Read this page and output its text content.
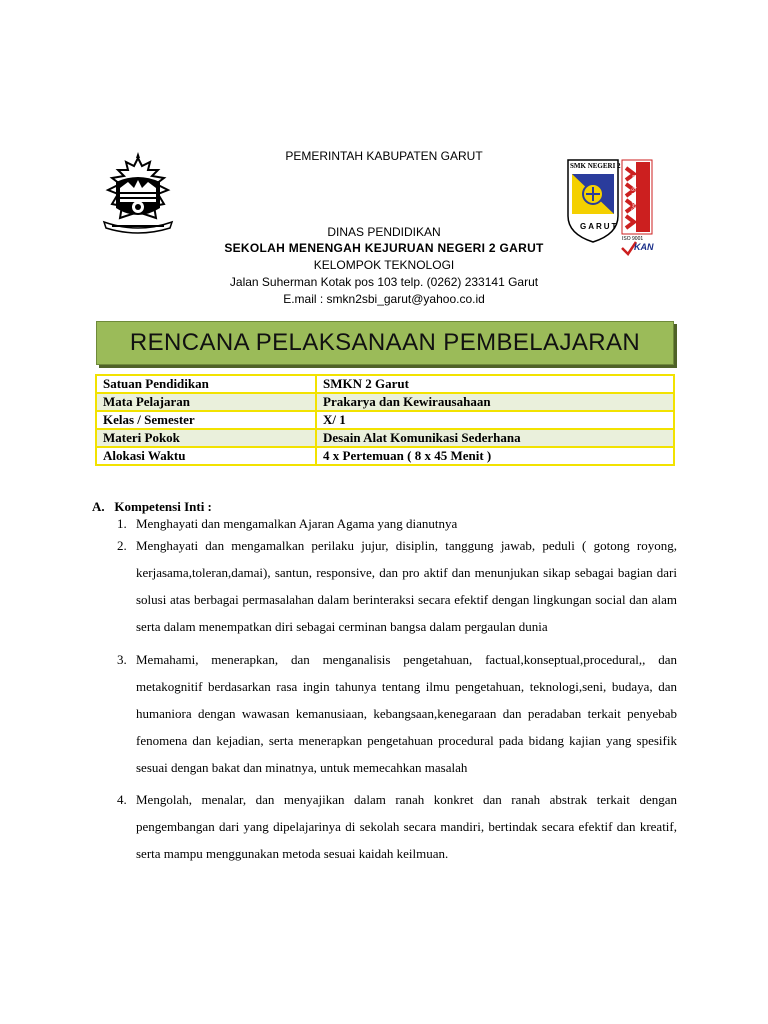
SMK NEGERI 2
GARUT
ISO 9001
Certified System
KAN
PEMERINTAH KABUPATEN GARUT
DINAS PENDIDIKAN
SEKOLAH MENENGAH KEJURUAN NEGERI 2 GARUT
KELOMPOK TEKNOLOGI
Jalan Suherman Kotak pos 103 telp. (0262) 233141 Garut
E.mail : smkn2sbi_garut@yahoo.co.id
RENCANA PELAKSANAAN PEMBELAJARAN
Satuan Pendidikan	SMKN 2 Garut
Mata Pelajaran	Prakarya dan Kewirausahaan
Kelas / Semester	X/ 1
Materi Pokok	Desain Alat Komunikasi Sederhana
Alokasi Waktu	4 x Pertemuan ( 8 x 45 Menit )
A.   Kompetensi Inti :
1. Menghayati dan mengamalkan Ajaran Agama yang dianutnya
2. Menghayati dan mengamalkan perilaku jujur, disiplin, tanggung jawab, peduli ( gotong royong, kerjasama,toleran,damai), santun, responsive, dan pro aktif dan menunjukan sikap sebagai bagian dari solusi atas berbagai permasalahan dalam berinteraksi secara efektif dengan lingkungan social dan alam serta dalam menempatkan diri sebagai cerminan bangsa dalam pergaulan dunia
3. Memahami, menerapkan, dan menganalisis pengetahuan, factual,konseptual,procedural,, dan metakognitif berdasarkan rasa ingin tahunya tentang ilmu pengetahuan, teknologi,seni, budaya, dan humaniora dengan wawasan kemanusiaan, kebangsaan,kenegaraan dan peradaban terkait penyebab fenomena dan kejadian, serta menerapkan pengetahuan procedural pada bidang kajian yang spesifik sesuai dengan bakat dan minatnya, untuk memecahkan masalah
4. Mengolah, menalar, dan menyajikan dalam ranah konkret dan ranah abstrak terkait dengan pengembangan dari yang dipelajarinya di sekolah secara mandiri, bertindak secara efektif dan kreatif, serta mampu menggunakan metoda sesuai kaidah keilmuan.
